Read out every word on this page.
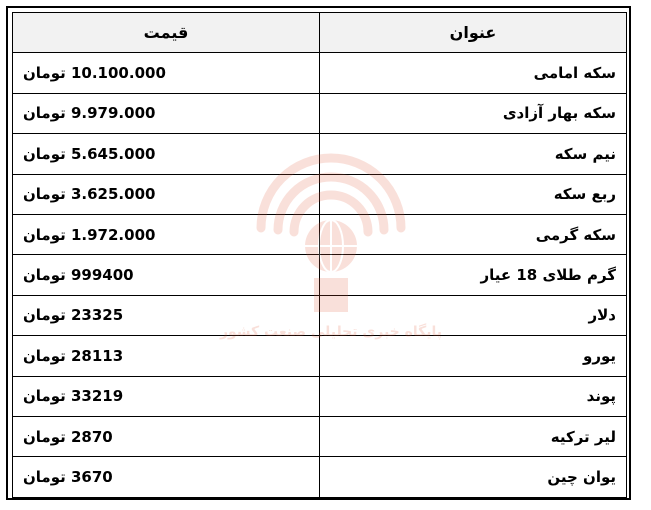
عنوان	قیمت
سکه امامی	10.100.000 تومان
سکه بهار آزادی	9.979.000 تومان
نیم سکه	5.645.000 تومان
ربع سکه	3.625.000 تومان
سکه گرمی	1.972.000 تومان
گرم طلای 18 عیار	999400 تومان
دلار	23325 تومان
یورو	28113 تومان
پوند	33219 تومان
لیر ترکیه	2870 تومان
یوان چین	3670 تومان
پایگاه خبری تحلیلی صنعت کشور
